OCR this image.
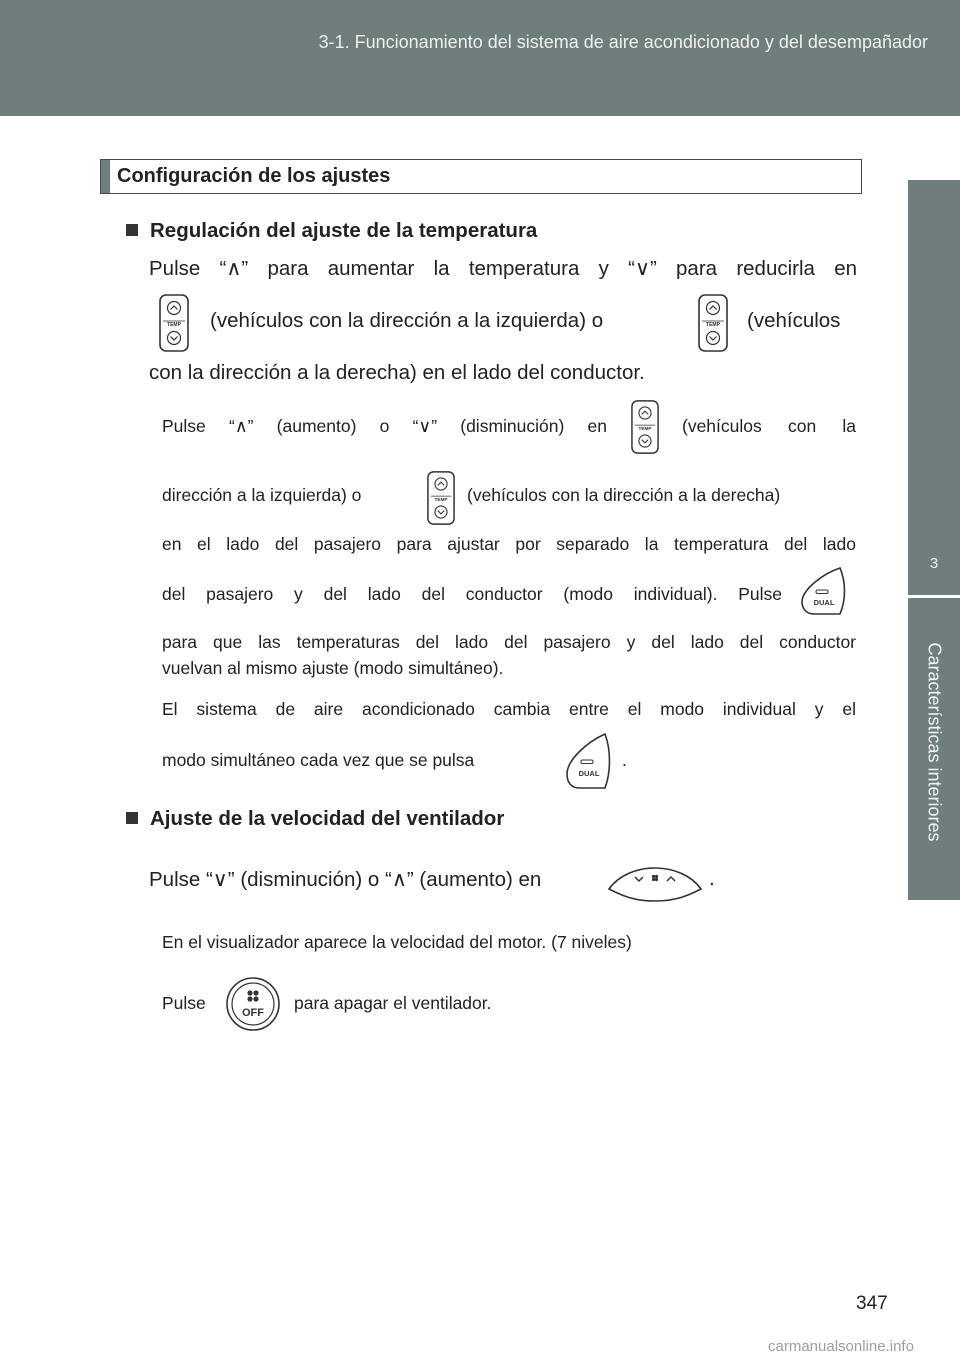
3-1. Funcionamiento del sistema de aire acondicionado y del desempañador
3
Características interiores
Configuración de los ajustes
Regulación del ajuste de la temperatura
Pulse “∧” para aumentar la temperatura y “∨” para reducirla en
TEMP (vehículos con la dirección a la izquierda) o	TEMP (vehículos
con la dirección a la derecha) en el lado del conductor.
Pulse “∧” (aumento) o “∨” (disminución) en	TEMP (vehículos con la
dirección a la izquierda) o	TEMP (vehículos con la dirección a la derecha)
en el lado del pasajero para ajustar por separado la temperatura del lado
del pasajero y del lado del conductor (modo individual). Pulse	DUAL
para que las temperaturas del lado del pasajero y del lado del conductor
vuelvan al mismo ajuste (modo simultáneo).
El sistema de aire acondicionado cambia entre el modo individual y el
modo simultáneo cada vez que se pulsa
DUAL
.
Ajuste de la velocidad del ventilador
Pulse “∨” (disminución) o “∧” (aumento) en	.
En el visualizador aparece la velocidad del motor. (7 niveles)
Pulse	OFF para apagar el ventilador.
347
carmanualsonline.info
